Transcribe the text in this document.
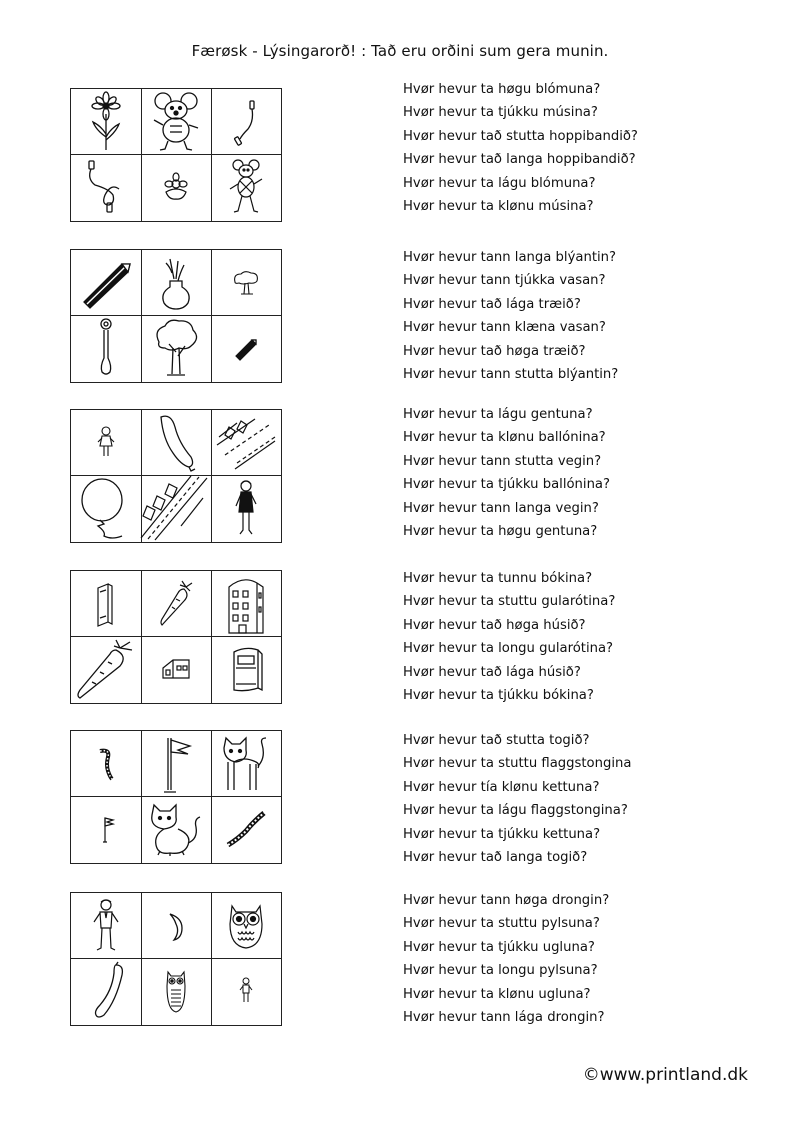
Færøsk - Lýsingarorð! : Tað eru orðini sum gera munin.
Hvør hevur ta høgu blómuna?
Hvør hevur ta tjúkku músina?
Hvør hevur tað stutta hoppibandið?
Hvør hevur tað langa hoppibandið?
Hvør hevur ta lágu blómuna?
Hvør hevur ta klønu músina?
Hvør hevur tann langa blýantin?
Hvør hevur tann tjúkka vasan?
Hvør hevur tað lága træið?
Hvør hevur tann klæna vasan?
Hvør hevur tað høga træið?
Hvør hevur tann stutta blýantin?
Hvør hevur ta lágu gentuna?
Hvør hevur ta klønu ballónina?
Hvør hevur tann stutta vegin?
Hvør hevur ta tjúkku ballónina?
Hvør hevur tann langa vegin?
Hvør hevur ta høgu gentuna?
Hvør hevur ta tunnu bókina?
Hvør hevur ta stuttu gularótina?
Hvør hevur tað høga húsið?
Hvør hevur ta longu gularótina?
Hvør hevur tað lága húsið?
Hvør hevur ta tjúkku bókina?
Hvør hevur tað stutta togið?
Hvør hevur ta stuttu flaggstongina
Hvør hevur tía klønu kettuna?
Hvør hevur ta lágu flaggstongina?
Hvør hevur ta tjúkku kettuna?
Hvør hevur tað langa togið?
Hvør hevur tann høga drongin?
Hvør hevur ta stuttu pylsuna?
Hvør hevur ta tjúkku ugluna?
Hvør hevur ta longu pylsuna?
Hvør hevur ta klønu ugluna?
Hvør hevur tann lága drongin?
©www.printland.dk
